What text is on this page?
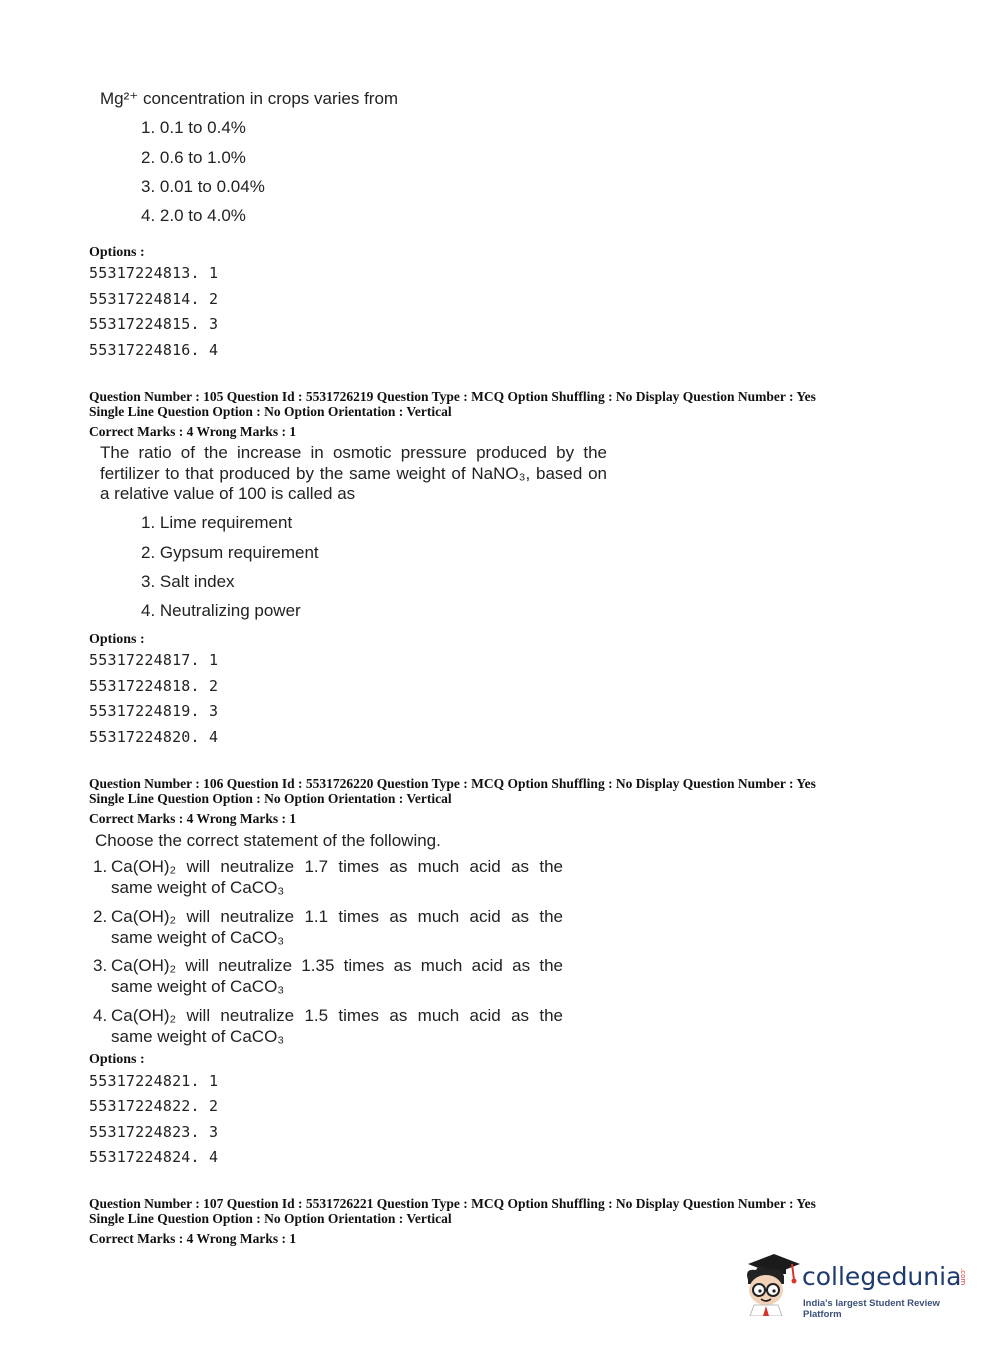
Mg²⁺ concentration in crops varies from
1. 0.1 to 0.4%
2. 0.6 to 1.0%
3. 0.01 to 0.04%
4. 2.0 to 4.0%
Options :
55317224813. 1
55317224814. 2
55317224815. 3
55317224816. 4
Question Number : 105 Question Id : 5531726219 Question Type : MCQ Option Shuffling : No Display Question Number : Yes
Single Line Question Option : No Option Orientation : Vertical
Correct Marks : 4 Wrong Marks : 1
The ratio of the increase in osmotic pressure produced by the
fertilizer to that produced by the same weight of NaNO₃, based on
a relative value of 100 is called as
1. Lime requirement
2. Gypsum requirement
3. Salt index
4. Neutralizing power
Options :
55317224817. 1
55317224818. 2
55317224819. 3
55317224820. 4
Question Number : 106 Question Id : 5531726220 Question Type : MCQ Option Shuffling : No Display Question Number : Yes
Single Line Question Option : No Option Orientation : Vertical
Correct Marks : 4 Wrong Marks : 1
Choose the correct statement of the following.
1. Ca(OH)₂ will neutralize 1.7 times as much acid as the
same weight of CaCO₃
2. Ca(OH)₂ will neutralize 1.1 times as much acid as the
same weight of CaCO₃
3. Ca(OH)₂ will neutralize 1.35 times as much acid as the
same weight of CaCO₃
4. Ca(OH)₂ will neutralize 1.5 times as much acid as the
same weight of CaCO₃
Options :
55317224821. 1
55317224822. 2
55317224823. 3
55317224824. 4
Question Number : 107 Question Id : 5531726221 Question Type : MCQ Option Shuffling : No Display Question Number : Yes
Single Line Question Option : No Option Orientation : Vertical
Correct Marks : 4 Wrong Marks : 1
collegedunia
.com
India's largest Student Review Platform
